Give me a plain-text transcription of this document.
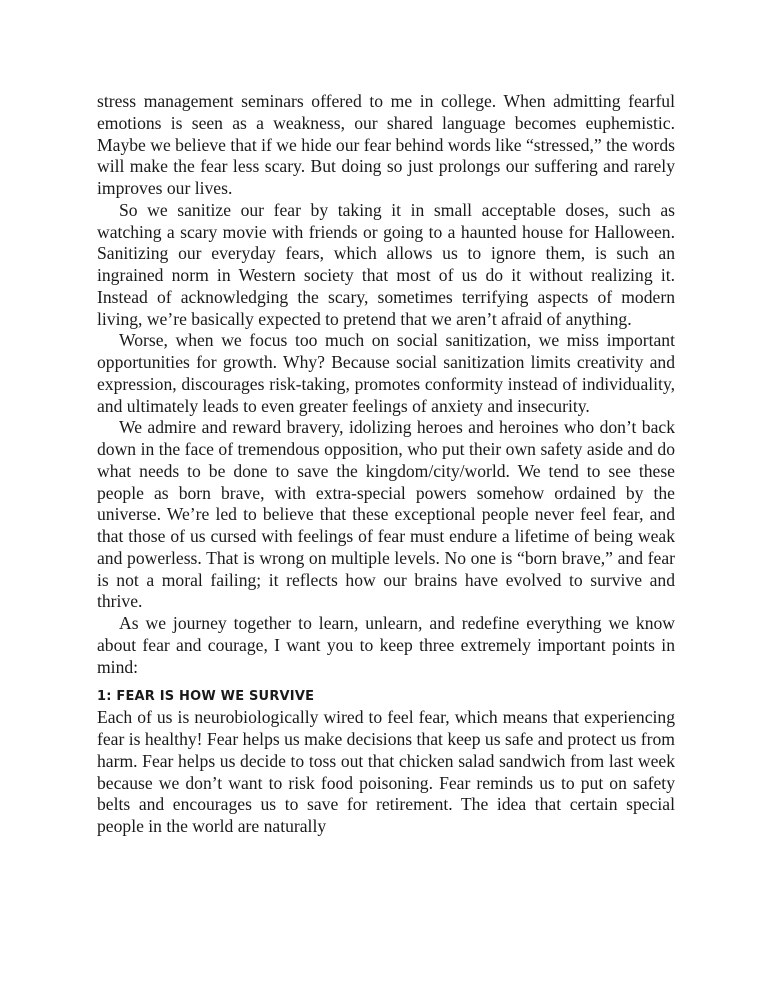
stress management seminars offered to me in college. When admitting fearful emotions is seen as a weakness, our shared language becomes euphemistic. Maybe we believe that if we hide our fear behind words like “stressed,” the words will make the fear less scary. But doing so just prolongs our suffering and rarely improves our lives.

So we sanitize our fear by taking it in small acceptable doses, such as watching a scary movie with friends or going to a haunted house for Halloween. Sanitizing our everyday fears, which allows us to ignore them, is such an ingrained norm in Western society that most of us do it without realizing it. Instead of acknowledging the scary, sometimes terrifying aspects of modern living, we’re basically expected to pretend that we aren’t afraid of anything.

Worse, when we focus too much on social sanitization, we miss important opportunities for growth. Why? Because social sanitization limits creativity and expression, discourages risk-taking, promotes conformity instead of individuality, and ultimately leads to even greater feelings of anxiety and insecurity.

We admire and reward bravery, idolizing heroes and heroines who don’t back down in the face of tremendous opposition, who put their own safety aside and do what needs to be done to save the kingdom/city/world. We tend to see these people as born brave, with extra-special powers somehow ordained by the universe. We’re led to believe that these exceptional people never feel fear, and that those of us cursed with feelings of fear must endure a lifetime of being weak and powerless. That is wrong on multiple levels. No one is “born brave,” and fear is not a moral failing; it reflects how our brains have evolved to survive and thrive.

As we journey together to learn, unlearn, and redefine everything we know about fear and courage, I want you to keep three extremely important points in mind:

1: FEAR IS HOW WE SURVIVE

Each of us is neurobiologically wired to feel fear, which means that experiencing fear is healthy! Fear helps us make decisions that keep us safe and protect us from harm. Fear helps us decide to toss out that chicken salad sandwich from last week because we don’t want to risk food poisoning. Fear reminds us to put on safety belts and encourages us to save for retirement. The idea that certain special people in the world are naturally
